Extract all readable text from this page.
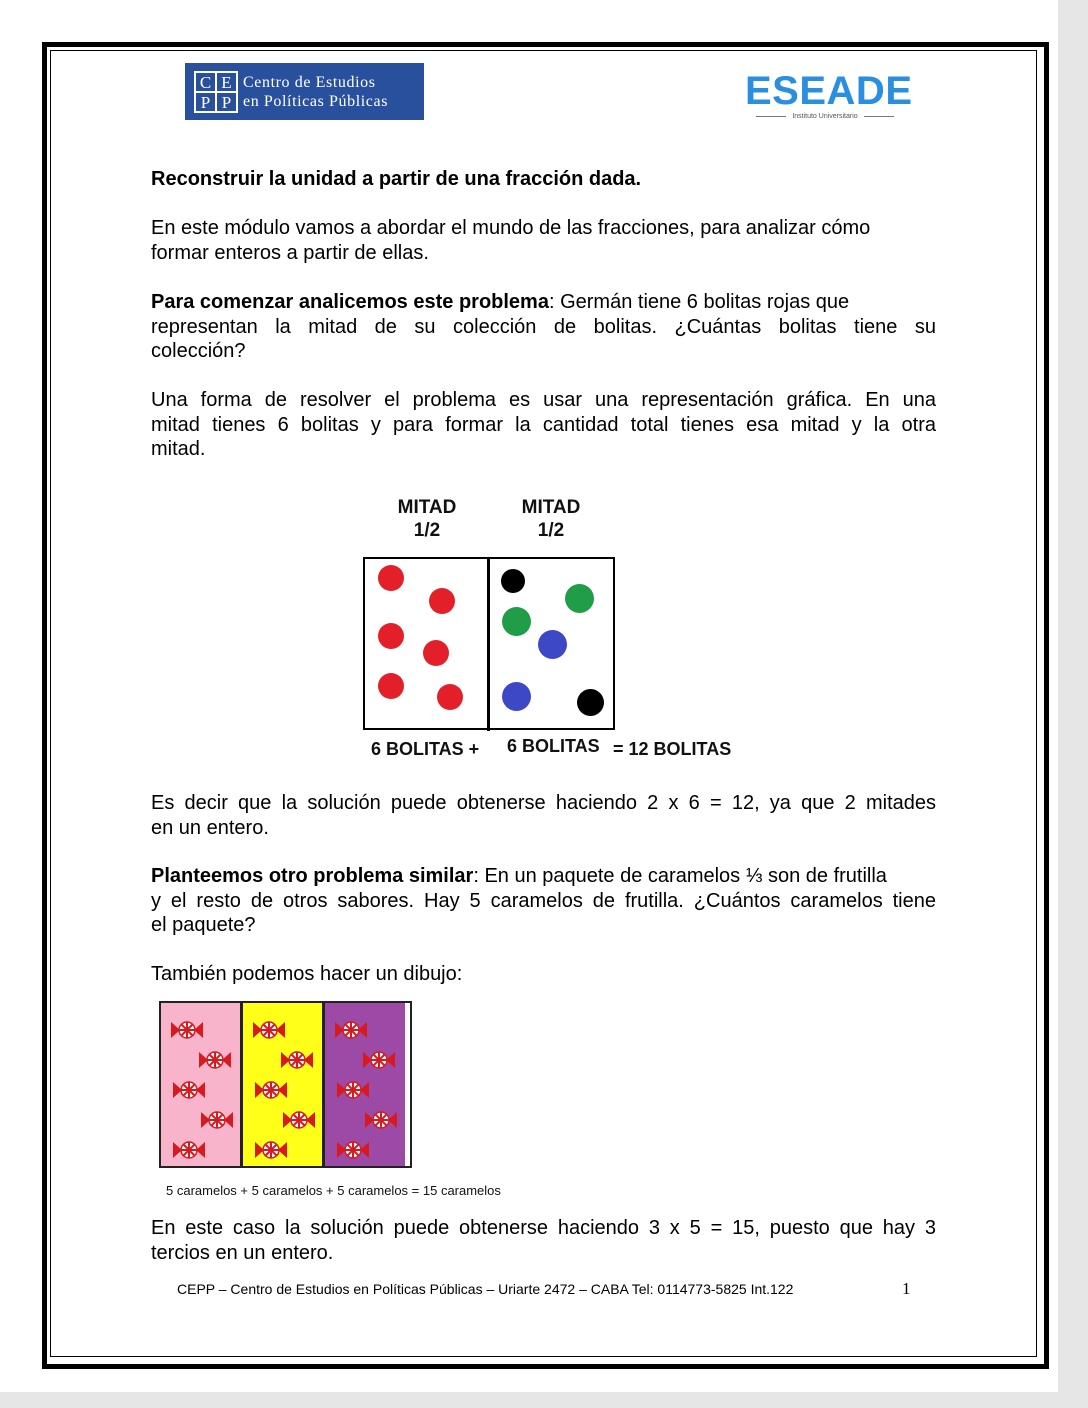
C E
P P
Centro de Estudios
en Políticas Públicas	ESEADE
Instituto Universitario

Reconstruir la unidad a partir de una fracción dada.

En este módulo vamos a abordar el mundo de las fracciones, para analizar cómo
formar enteros a partir de ellas.

Para comenzar analicemos este problema: Germán tiene 6 bolitas rojas que
representan la mitad de su colección de bolitas. ¿Cuántas bolitas tiene su
colección?

Una forma de resolver el problema es usar una representación gráfica. En una
mitad tienes 6 bolitas y para formar la cantidad total tienes esa mitad y la otra
mitad.

MITAD
1/2
MITAD
1/2
6 BOLITAS + 6 BOLITAS = 12 BOLITAS

Es decir que la solución puede obtenerse haciendo 2 x 6 = 12, ya que 2 mitades
en un entero.

Planteemos otro problema similar: En un paquete de caramelos ⅓ son de frutilla
y el resto de otros sabores. Hay 5 caramelos de frutilla. ¿Cuántos caramelos tiene
el paquete?

También podemos hacer un dibujo:

5 caramelos + 5 caramelos + 5 caramelos = 15 caramelos

En este caso la solución puede obtenerse haciendo 3 x 5 = 15, puesto que hay 3
tercios en un entero.

CEPP – Centro de Estudios en Políticas Públicas – Uriarte 2472 – CABA Tel: 0114773-5825 Int.122	1
